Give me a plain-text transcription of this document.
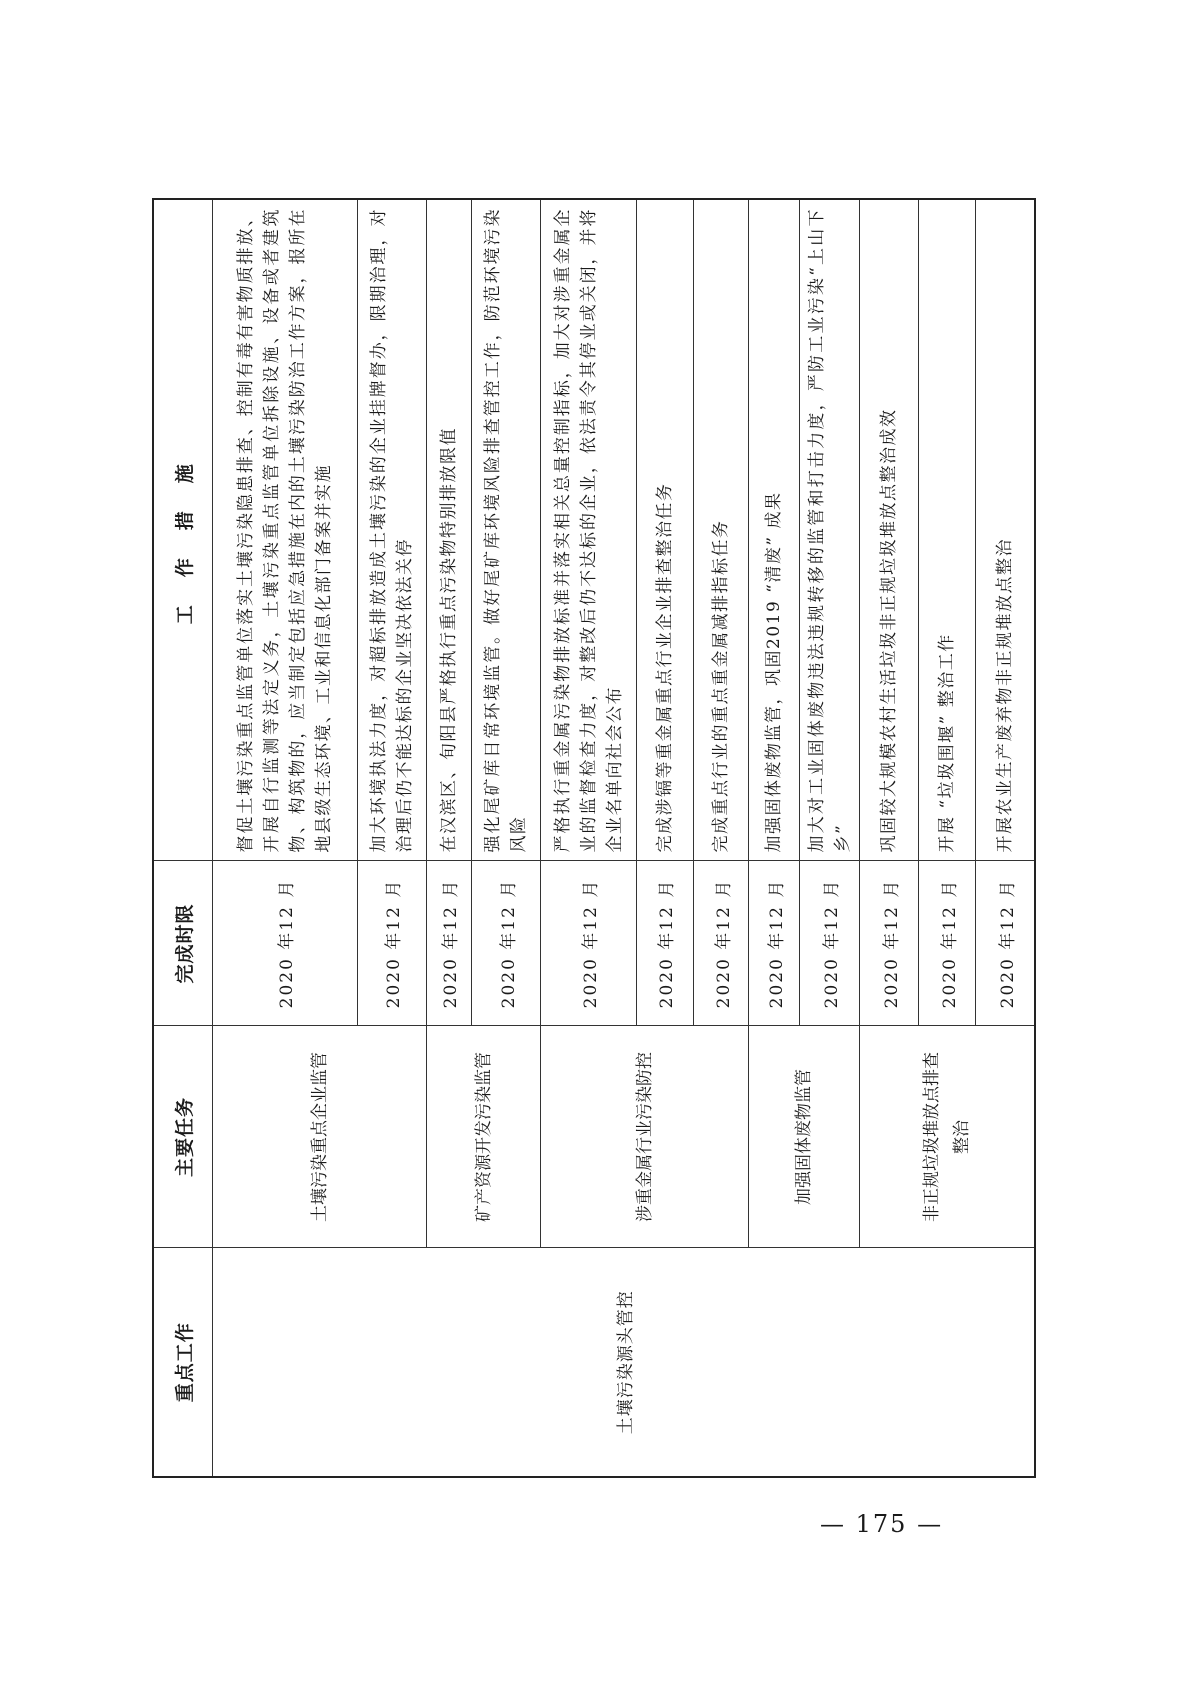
重点工作	主要任务	完成时限	工作措施
土壤污染源头管控	土壤污染重点企业监管	2020 年12 月	督促土壤污染重点监管单位落实土壤污染隐患排查、控制有毒有害物质排放、开展自行监测等法定义务，土壤污染重点监管单位拆除设施、设备或者建筑物、构筑物的，应当制定包括应急措施在内的土壤污染防治工作方案，报所在地县级生态环境、工业和信息化部门备案并实施
		2020 年12 月	加大环境执法力度，对超标排放造成土壤污染的企业挂牌督办，限期治理，对治理后仍不能达标的企业坚决依法关停
	矿产资源开发污染监管	2020 年12 月	在汉滨区、旬阳县严格执行重点污染物特别排放限值
		2020 年12 月	强化尾矿库日常环境监管。做好尾矿库环境风险排查管控工作，防范环境污染风险
	涉重金属行业污染防控	2020 年12 月	严格执行重金属污染物排放标准并落实相关总量控制指标，加大对涉重金属企业的监督检查力度，对整改后仍不达标的企业，依法责令其停业或关闭，并将企业名单向社会公布
		2020 年12 月	完成涉镉等重金属重点行业企业排查整治任务
		2020 年12 月	完成重点行业的重点重金属减排指标任务
	加强固体废物监管	2020 年12 月	加强固体废物监管，巩固2019 “清废” 成果
		2020 年12 月	加大对工业固体废物违法违规转移的监管和打击力度，严防工业污染“上山下乡”
	非正规垃圾堆放点排查整治	2020 年12 月	巩固较大规模农村生活垃圾非正规垃圾堆放点整治成效
		2020 年12 月	开展 “垃圾围堰” 整治工作
		2020 年12 月	开展农业生产废弃物非正规堆放点整治
— 175 —
